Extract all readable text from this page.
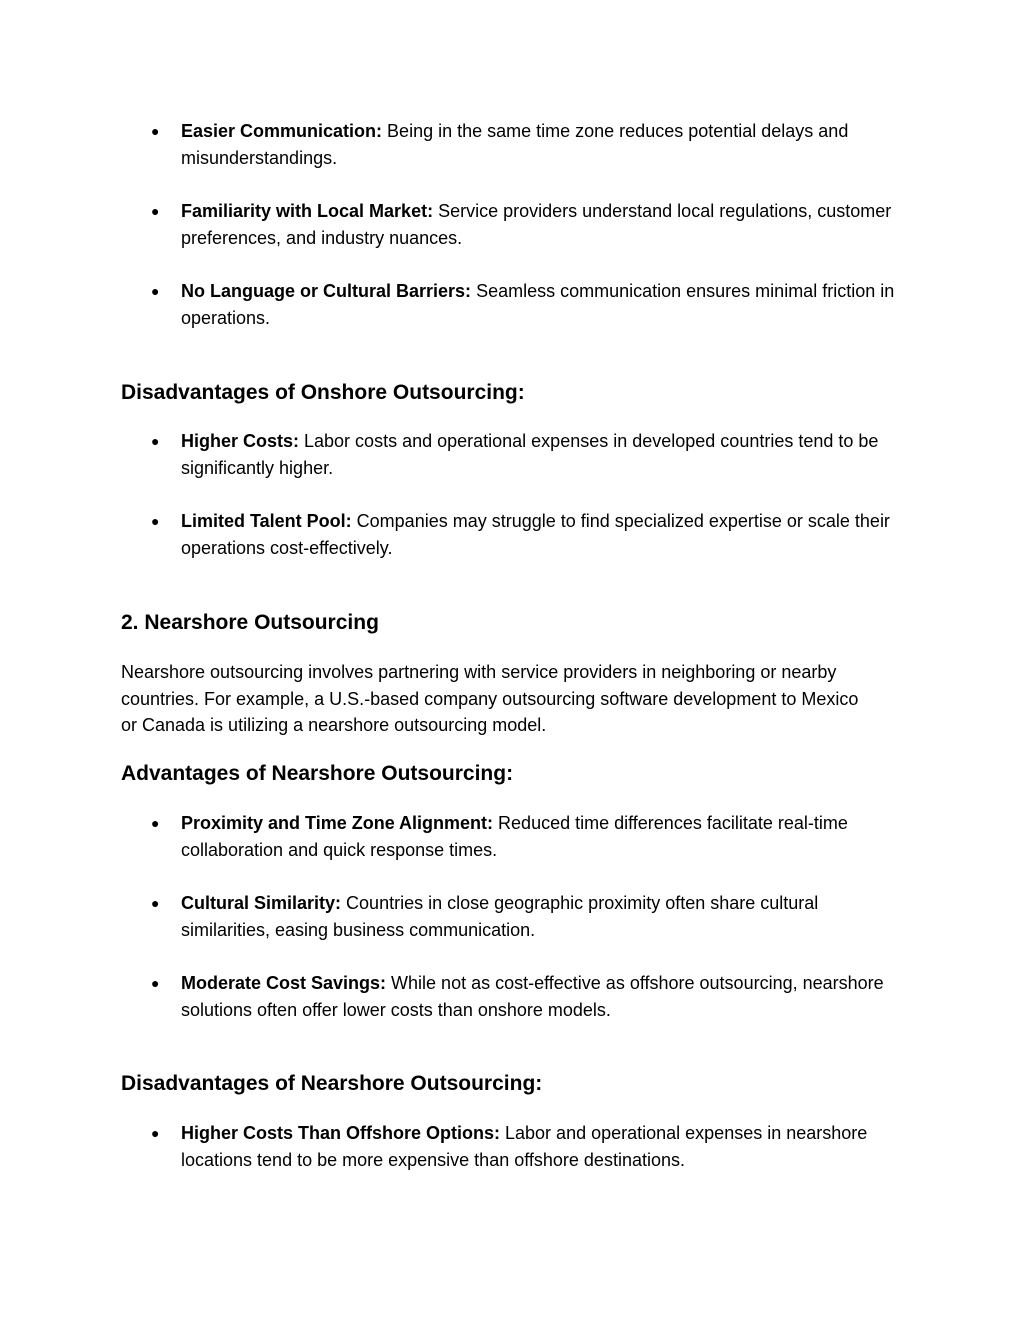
● Easier Communication: Being in the same time zone reduces potential delays and misunderstandings.
● Familiarity with Local Market: Service providers understand local regulations, customer preferences, and industry nuances.
● No Language or Cultural Barriers: Seamless communication ensures minimal friction in operations.
Disadvantages of Onshore Outsourcing:
● Higher Costs: Labor costs and operational expenses in developed countries tend to be significantly higher.
● Limited Talent Pool: Companies may struggle to find specialized expertise or scale their operations cost-effectively.
2. Nearshore Outsourcing

Nearshore outsourcing involves partnering with service providers in neighboring or nearby countries. For example, a U.S.-based company outsourcing software development to Mexico or Canada is utilizing a nearshore outsourcing model.

Advantages of Nearshore Outsourcing:
● Proximity and Time Zone Alignment: Reduced time differences facilitate real-time collaboration and quick response times.
● Cultural Similarity: Countries in close geographic proximity often share cultural similarities, easing business communication.
● Moderate Cost Savings: While not as cost-effective as offshore outsourcing, nearshore solutions often offer lower costs than onshore models.
Disadvantages of Nearshore Outsourcing:
● Higher Costs Than Offshore Options: Labor and operational expenses in nearshore locations tend to be more expensive than offshore destinations.
